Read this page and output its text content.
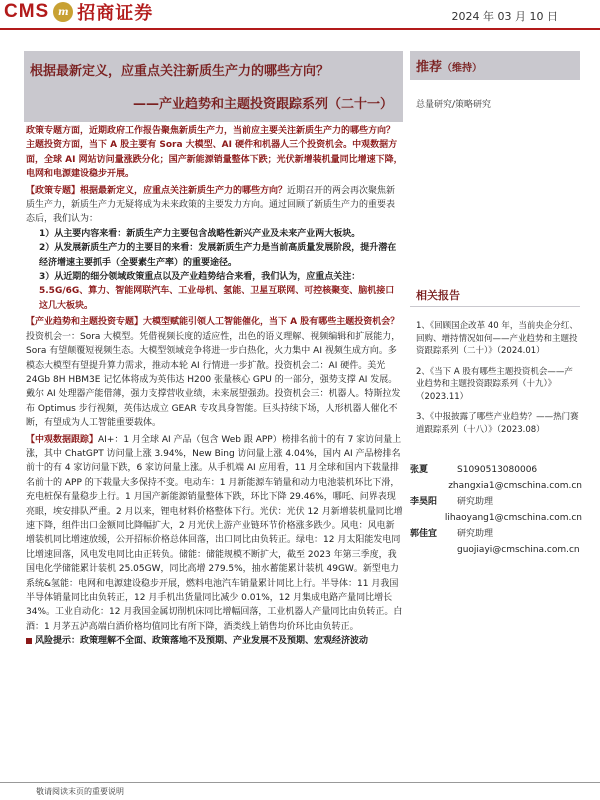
CMS m 招商证券	2024 年 03 月 10 日
根据最新定义，应重点关注新质生产力的哪些方向？
——产业趋势和主题投资跟踪系列（二十一）
推荐（维持）
总量研究/策略研究

政策专题方面，近期政府工作报告聚焦新质生产力，当前应主要关注新质生产力的哪些方向？主题投资方面，当下 A 股主要有 Sora 大模型、AI 硬件和机器人三个投资机会。中观数据方面，全球 AI 网站访问量涨跌分化；国产新能源销量整体下跌；光伏新增装机量同比增速下降，电网和电源建设稳步开展。

【政策专题】根据最新定义，应重点关注新质生产力的哪些方向？近期召开的两会再次聚焦新质生产力，新质生产力无疑将成为未来政策的主要发力方向。通过回顾了新质生产力的重要表态后，我们认为：

1）从主要内容来看：新质生产力主要包含战略性新兴产业及未来产业两大板块。

2）从发展新质生产力的主要目的来看：发展新质生产力是当前高质量发展阶段，提升潜在经济增速主要抓手（全要素生产率）的重要途径。

3）从近期的细分领域政策重点以及产业趋势结合来看，我们认为，应重点关注：5.5G/6G、算力、智能网联汽车、工业母机、氢能、卫星互联网、可控核聚变、脑机接口这几大板块。

【产业趋势和主题投资专题】大模型赋能引领人工智能催化，当下 A 股有哪些主题投资机会？投资机会一：Sora 大模型。凭借视频长度的适应性，出色的语义理解、视频编辑和扩展能力，Sora 有望颠覆短视频生态。大模型领域竞争将进一步白热化，火力集中 AI 视频生成方向。多模态大模型有望提升算力需求，推动本轮 AI 行情进一步扩散。投资机会二：AI 硬件。美光 24Gb 8H HBM3E 记忆体将成为英伟达 H200 张量核心 GPU 的一部分，强势支撑 AI 发展。戴尔 AI 处理器产能借薄，强力支撑营收业绩，未来展望强劲。投资机会三：机器人。特斯拉发布 Optimus 步行视频，英伟达成立 GEAR 专攻具身智能。巨头持续下场，人形机器人催化不断，有望成为人工智能重要载体。

【中观数据跟踪】AI+：1 月全球 AI 产品（包含 Web 跟 APP）榜排名前十的有 7 家访问量上涨，其中 ChatGPT 访问量上涨 3.94%，New Bing 访问量上涨 4.04%，国内 AI 产品榜排名前十的有 4 家访问量下跌，6 家访问量上涨。从手机端 AI 应用看，11 月全球和国内下载量排名前十的 APP 的下载量大多保持不变。电动车：1 月新能源车销量和动力电池装机环比下滑，充电桩保有量稳步上行。1 月国产新能源销量整体下跌，环比下降 29.46%，哪吒、问界表现亮眼，埃安排队严重。2 月以来，锂电材料价格整体下行。光伏：光伏 12 月新增装机量同比增速下降，组件出口金额同比降幅扩大，2 月光伏上游产业链环节价格涨多跌少。风电：风电新增装机同比增速放缓，公开招标价格总体回落，出口同比由负转正。绿电：12 月太阳能发电同比增速回落，风电发电同比由正转负。储能：储能规模不断扩大，截至 2023 年第三季度，我国电化学储能累计装机 25.05GW，同比高增 279.5%，抽水蓄能累计装机 49GW。新型电力系统&氢能：电网和电源建设稳步开展，燃料电池汽车销量累计同比上行。半导体：11 月我国半导体销量同比由负转正，12 月手机出货量同比减少 0.01%，12 月集成电路产量同比增长 34%。工业自动化：12 月我国金属切削机床同比增幅回落，工业机器人产量同比由负转正。白酒：1 月茅五泸高端白酒价格均值同比有所下降，酒类线上销售均价环比由负转正。

风险提示：政策理解不全面、政策落地不及预期、产业发展不及预期、宏观经济波动

相关报告
1、《回顾国企改革 40 年，当前央企分红、回购、增持情况如何——产业趋势和主题投资跟踪系列（二十）》（2024.01）
2、《当下 A 股有哪些主题投资机会——产业趋势和主题投资跟踪系列（十九）》（2023.11）
3、《中报披露了哪些产业趋势？——热门赛道跟踪系列（十八）》（2023.08）
张夏	S1090513080006
zhangxia1@cmschina.com.cn
李昊阳	研究助理
lihaoyang1@cmschina.com.cn
郭佳宜	研究助理
guojiayi@cmschina.com.cn
敬请阅读末页的重要说明
